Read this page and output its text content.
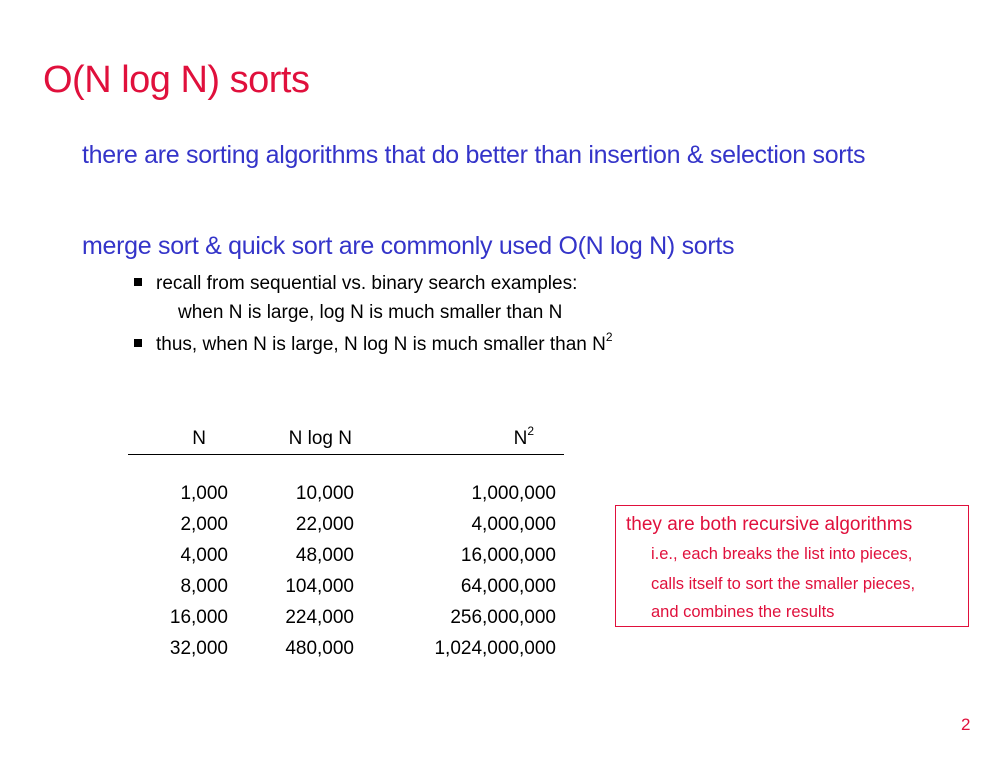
O(N log N) sorts
there are sorting algorithms that do better than insertion & selection sorts
merge sort & quick sort are commonly used O(N log N) sorts
recall from sequential vs. binary search examples:
when N is large, log N is much smaller than N
thus, when N is large, N log N is much smaller than $N^2$
N	N log N	$N^2$
1,000	10,000	1,000,000
2,000	22,000	4,000,000
4,000	48,000	16,000,000
8,000	104,000	64,000,000
16,000	224,000	256,000,000
32,000	480,000	1,024,000,000
they are both recursive algorithms
i.e., each breaks the list into pieces,
calls itself to sort the smaller pieces,
and combines the results
2
